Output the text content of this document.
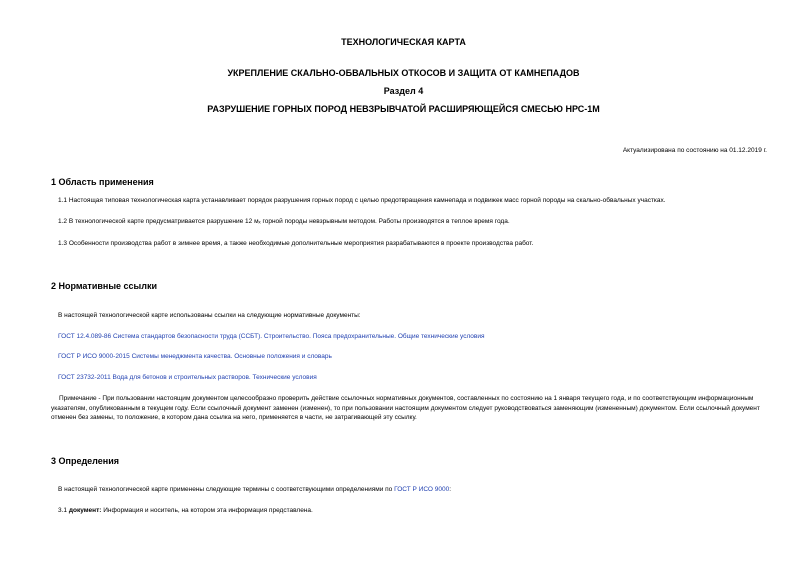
ТЕХНОЛОГИЧЕСКАЯ КАРТА
УКРЕПЛЕНИЕ СКАЛЬНО-ОБВАЛЬНЫХ ОТКОСОВ И ЗАЩИТА ОТ КАМНЕПАДОВ
Раздел 4
РАЗРУШЕНИЕ ГОРНЫХ ПОРОД НЕВЗРЫВЧАТОЙ РАСШИРЯЮЩЕЙСЯ СМЕСЬЮ НРС-1М
Актуализирована по состоянию на 01.12.2019 г.
1 Область применения
1.1 Настоящая типовая технологическая карта устанавливает порядок разрушения горных пород с целью предотвращения камнепада и подвижек масс горной породы на скально-обвальных участках.
1.2 В технологической карте предусматривается разрушение 12 мₓ горной породы невзрывным методом. Работы производятся в теплое время года.
1.3 Особенности производства работ в зимнее время, а также необходимые дополнительные мероприятия разрабатываются в проекте производства работ.
2 Нормативные ссылки
В настоящей технологической карте использованы ссылки на следующие нормативные документы:
ГОСТ 12.4.089-86 Система стандартов безопасности труда (ССБТ). Строительство. Пояса предохранительные. Общие технические условия
ГОСТ Р ИСО 9000-2015 Системы менеджмента качества. Основные положения и словарь
ГОСТ 23732-2011 Вода для бетонов и строительных растворов. Технические условия
Примечание - При пользовании настоящим документом целесообразно проверить действие ссылочных нормативных документов, составленных по состоянию на 1 января текущего года, и по соответствующим информационным указателям, опубликованным в текущем году. Если ссылочный документ заменен (изменен), то при пользовании настоящим документом следует руководствоваться заменяющим (измененным) документом. Если ссылочный документ отменен без замены, то положение, в котором дана ссылка на него, применяется в части, не затрагивающей эту ссылку.
3 Определения
В настоящей технологической карте применены следующие термины с соответствующими определениями по ГОСТ Р ИСО 9000:
3.1 документ: Информация и носитель, на котором эта информация представлена.
